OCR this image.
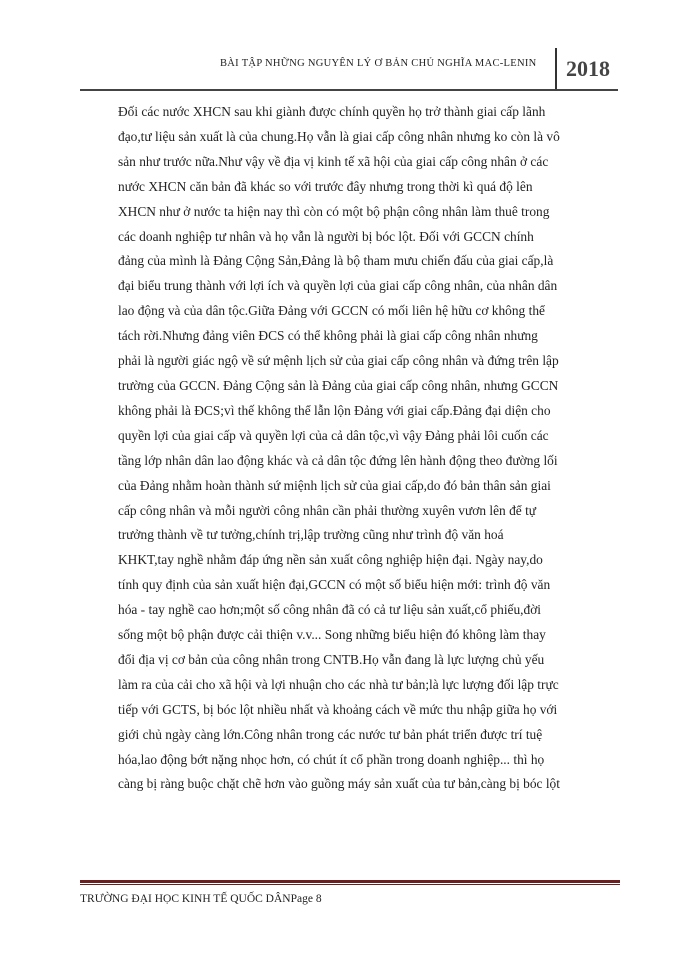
BÀI TẬP NHỮNG NGUYÊN LÝ Ơ BẢN CHỦ NGHĨA MAC-LENIN 2018
Đối các nước XHCN sau khi giành được chính quyền họ trở thành giai cấp lãnh
đạo,tư liệu sản xuất là của chung.Họ vẫn là giai cấp công nhân nhưng ko còn là vô
sản như trước nữa.Như vậy về địa vị kinh tế xã hội của giai cấp công nhân ở các
nước XHCN căn bản đã khác so với trước đây nhưng trong thời kì quá độ lên
XHCN như ở nước ta hiện nay thì còn có một bộ phận công nhân làm thuê trong
các doanh nghiệp tư nhân và họ vẫn là người bị bóc lột. Đối với GCCN chính
đảng của mình là Đảng Cộng Sản,Đảng là bộ tham mưu chiến đấu của giai cấp,là
đại biểu trung thành với lợi ích và quyền lợi của giai cấp công nhân, của nhân dân
lao động và của dân tộc.Giữa Đảng với GCCN có mối liên hệ hữu cơ không thể
tách rời.Nhưng đảng viên ĐCS có thể không phải là giai cấp công nhân nhưng
phải là người giác ngộ về sứ mệnh lịch sử của giai cấp công nhân và đứng trên lập
trường của GCCN. Đảng Cộng sản là Đảng của giai cấp công nhân, nhưng GCCN
không phải là ĐCS;vì thế không thể lẫn lộn Đảng với giai cấp.Đảng đại diện cho
quyền lợi của giai cấp và quyền lợi của cả dân tộc,vì vậy Đảng phải lôi cuốn các
tầng lớp nhân dân lao động khác và cả dân tộc đứng lên hành động theo đường lối
của Đảng nhằm hoàn thành sứ miệnh lịch sử của giai cấp,do đó bản thân sản giai
cấp công nhân và mỗi người công nhân cần phải thường xuyên vươn lên để tự
trưởng thành về tư tưởng,chính trị,lập trường cũng như trình độ văn hoá
KHKT,tay nghề nhằm đáp ứng nền sản xuất công nghiệp hiện đại. Ngày nay,do
tính quy định của sản xuất hiện đại,GCCN có một số biểu hiện mới: trình độ văn
hóa - tay nghề cao hơn;một số công nhân đã có cả tư liệu sản xuất,cổ phiếu,đời
sống một bộ phận được cải thiện v.v... Song những biểu hiện đó không làm thay
đổi địa vị cơ bản của công nhân trong CNTB.Họ vẫn đang là lực lượng chủ yếu
làm ra của cải cho xã hội và lợi nhuận cho các nhà tư bản;là lực lượng đối lập trực
tiếp với GCTS, bị bóc lột nhiều nhất và khoảng cách về mức thu nhập giữa họ với
giới chủ ngày càng lớn.Công nhân trong các nước tư bản phát triển được trí tuệ
hóa,lao động bớt nặng nhọc hơn, có chút ít cổ phần trong doanh nghiệp... thì họ
càng bị ràng buộc chặt chẽ hơn vào guồng máy sản xuất của tư bản,càng bị bóc lột
TRƯỜNG ĐẠI HỌC KINH TẾ QUỐC DÂNPage 8
